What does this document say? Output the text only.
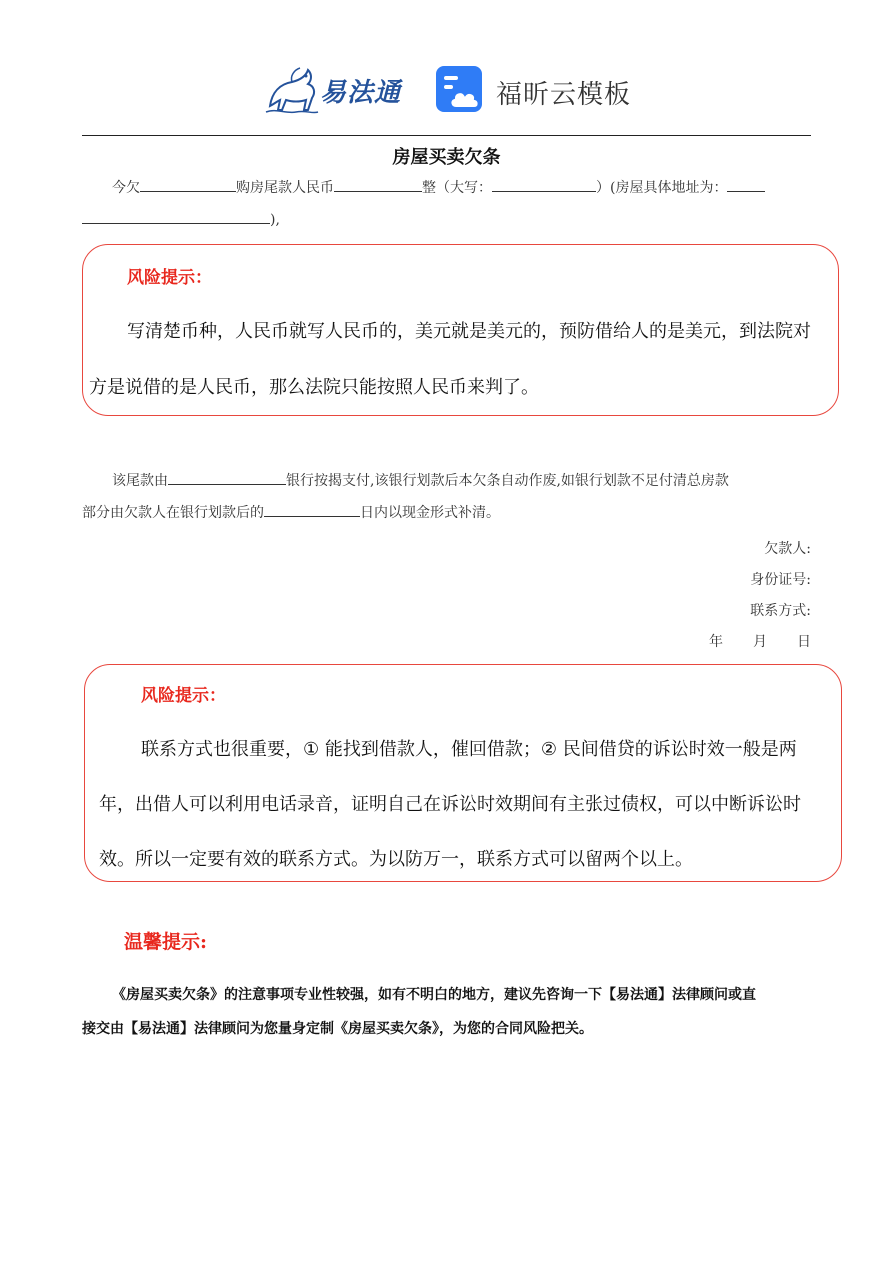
易法通	福昕云模板
房屋买卖欠条
今欠	购房尾款人民币	整（大写：	）(房屋具体地址为：
),
风险提示：
写清楚币种，人民币就写人民币的，美元就是美元的，预防借给人的是美元，到法院对
方是说借的是人民币，那么法院只能按照人民币来判了。
该尾款由	银行按揭支付,该银行划款后本欠条自动作废,如银行划款不足付清总房款
部分由欠款人在银行划款后的	日内以现金形式补清。
欠款人:
身份证号:
联系方式:
年 月 日
风险提示：
联系方式也很重要，① 能找到借款人，催回借款；② 民间借贷的诉讼时效一般是两
年，出借人可以利用电话录音，证明自己在诉讼时效期间有主张过债权，可以中断诉讼时
效。所以一定要有效的联系方式。为以防万一，联系方式可以留两个以上。
温馨提示:
《房屋买卖欠条》的注意事项专业性较强，如有不明白的地方，建议先咨询一下【易法通】法律顾问或直
接交由【易法通】法律顾问为您量身定制《房屋买卖欠条》，为您的合同风险把关。
